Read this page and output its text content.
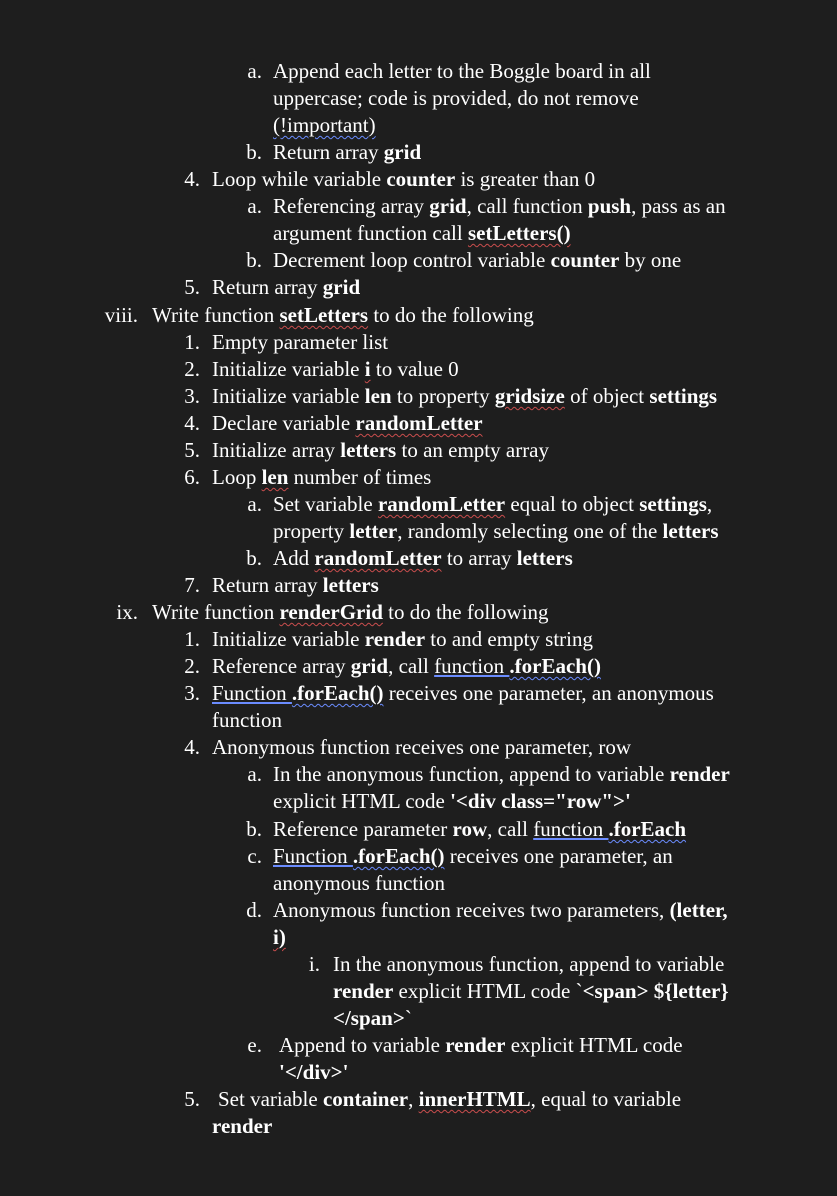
a. Append each letter to the Boggle board in all
uppercase; code is provided, do not remove
(!important)
b. Return array grid
4. Loop while variable counter is greater than 0
a. Referencing array grid, call function push, pass as an
argument function call setLetters()
b. Decrement loop control variable counter by one
5. Return array grid
viii. Write function setLetters to do the following
1. Empty parameter list
2. Initialize variable i to value 0
3. Initialize variable len to property gridsize of object settings
4. Declare variable randomLetter
5. Initialize array letters to an empty array
6. Loop len number of times
a. Set variable randomLetter equal to object settings,
property letter, randomly selecting one of the letters
b. Add randomLetter to array letters
7. Return array letters
ix. Write function renderGrid to do the following
1. Initialize variable render to and empty string
2. Reference array grid, call function .forEach()
3. Function .forEach() receives one parameter, an anonymous
function
4. Anonymous function receives one parameter, row
a. In the anonymous function, append to variable render
explicit HTML code '<div class="row">'
b. Reference parameter row, call function .forEach
c. Function .forEach() receives one parameter, an
anonymous function
d. Anonymous function receives two parameters, (letter,
i)
i. In the anonymous function, append to variable
render explicit HTML code `<span> ${letter}
</span>`
e. Append to variable render explicit HTML code
'</div>'
5. Set variable container, innerHTML, equal to variable
render
